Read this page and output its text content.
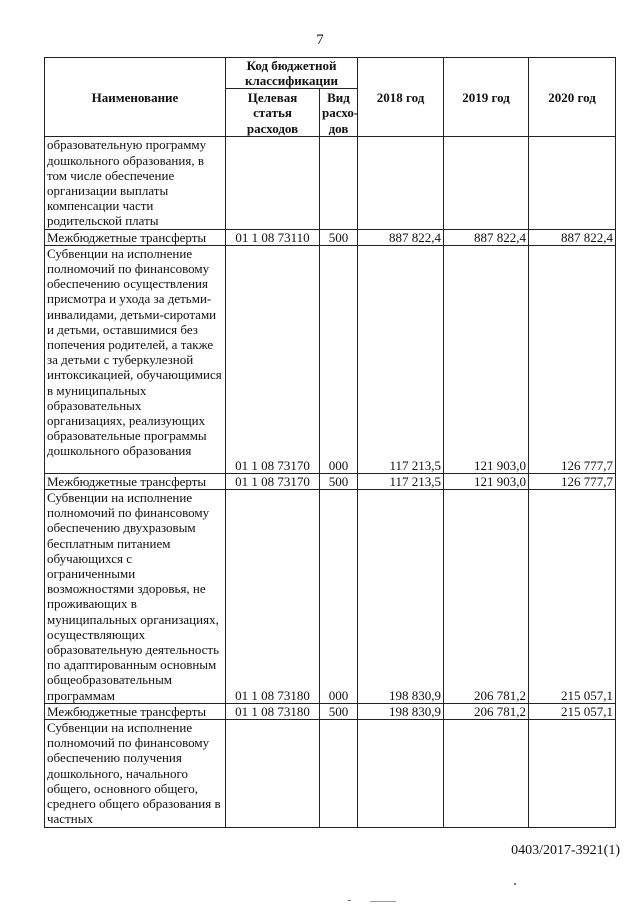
7
Наименование	Код бюджетной классификации		2018 год	2019 год	2020 год
	Целевая статья расходов	Вид расхо-дов			
образовательную программу дошкольного образования, в том числе обеспечение организации выплаты компенсации части родительской платы					
Межбюджетные трансферты	01 1 08 73110	500	887 822,4	887 822,4	887 822,4
Субвенции на исполнение полномочий по финансовому обеспечению осуществления присмотра и ухода за детьми-инвалидами, детьми-сиротами и детьми, оставшимися без попечения родителей, а также за детьми с туберкулезной интоксикацией, обучающимися в муниципальных образовательных организациях, реализующих образовательные программы дошкольного образования	01 1 08 73170	000	117 213,5	121 903,0	126 777,7
Межбюджетные трансферты	01 1 08 73170	500	117 213,5	121 903,0	126 777,7
Субвенции на исполнение полномочий по финансовому обеспечению двухразовым бесплатным питанием обучающихся с ограниченными возможностями здоровья, не проживающих в муниципальных организациях, осуществляющих образовательную деятельность по адаптированным основным общеобразовательным программам	01 1 08 73180	000	198 830,9	206 781,2	215 057,1
Межбюджетные трансферты	01 1 08 73180	500	198 830,9	206 781,2	215 057,1
Субвенции на исполнение полномочий по финансовому обеспечению получения дошкольного, начального общего, основного общего, среднего общего образования в частных					
0403/2017-3921(1)
